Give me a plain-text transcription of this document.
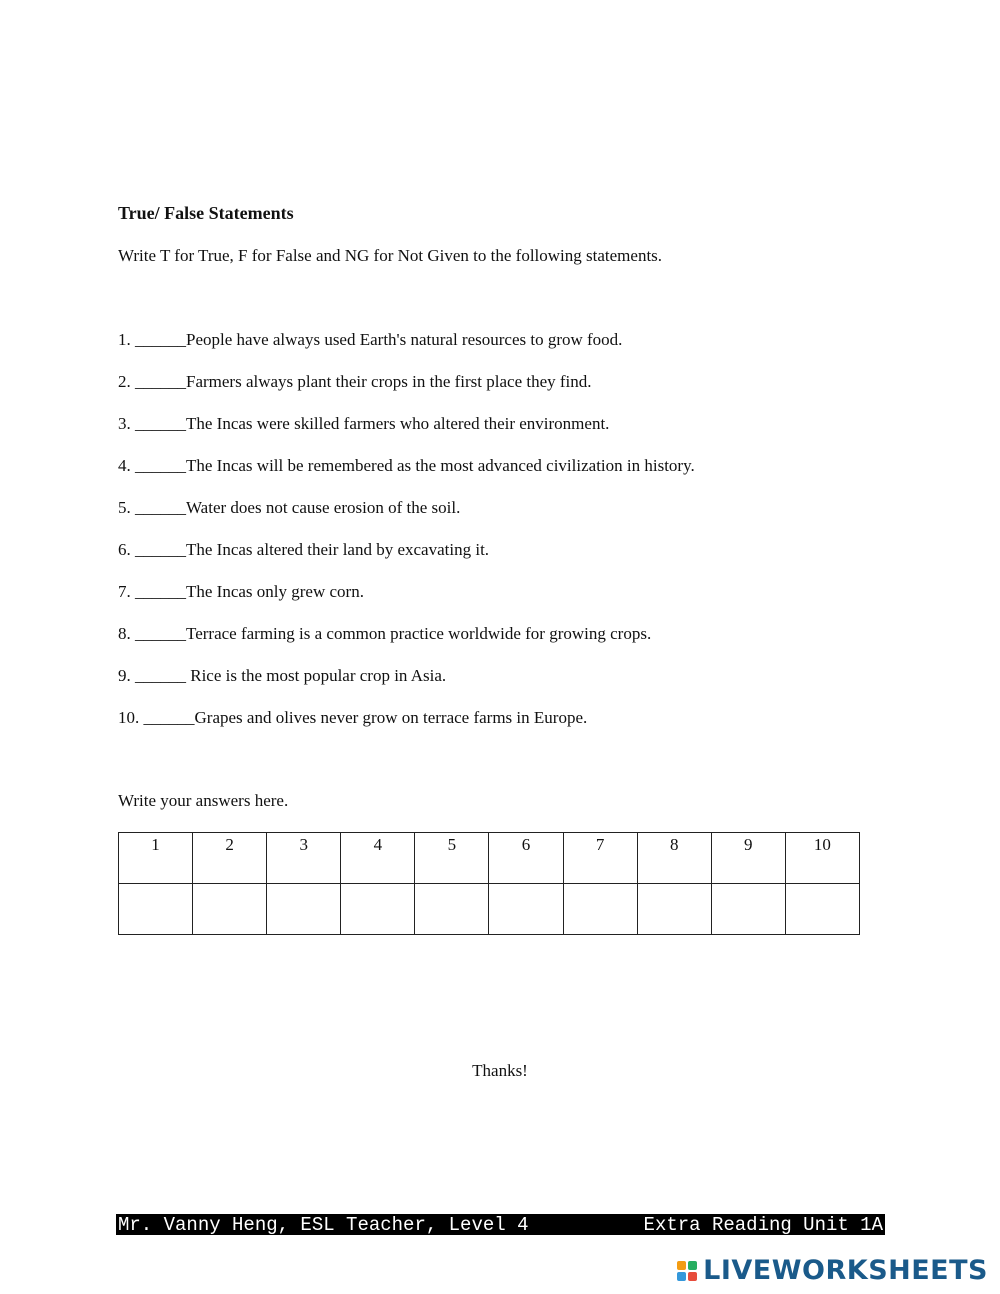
True/ False Statements

Write T for True, F for False and NG for Not Given to the following statements.

1. ______People have always used Earth's natural resources to grow food.
2. ______Farmers always plant their crops in the first place they find.
3. ______The Incas were skilled farmers who altered their environment.
4. ______The Incas will be remembered as the most advanced civilization in history.
5. ______Water does not cause erosion of the soil.
6. ______The Incas altered their land by excavating it.
7. ______The Incas only grew corn.
8. ______Terrace farming is a common practice worldwide for growing crops.
9. ______ Rice is the most popular crop in Asia.
10. ______Grapes and olives never grow on terrace farms in Europe.

Write your answers here.

1	2	3	4	5	6	7	8	9	10

Thanks!

Mr. Vanny Heng, ESL Teacher, Level 4	Extra Reading Unit 1A
LIVEWORKSHEETS
